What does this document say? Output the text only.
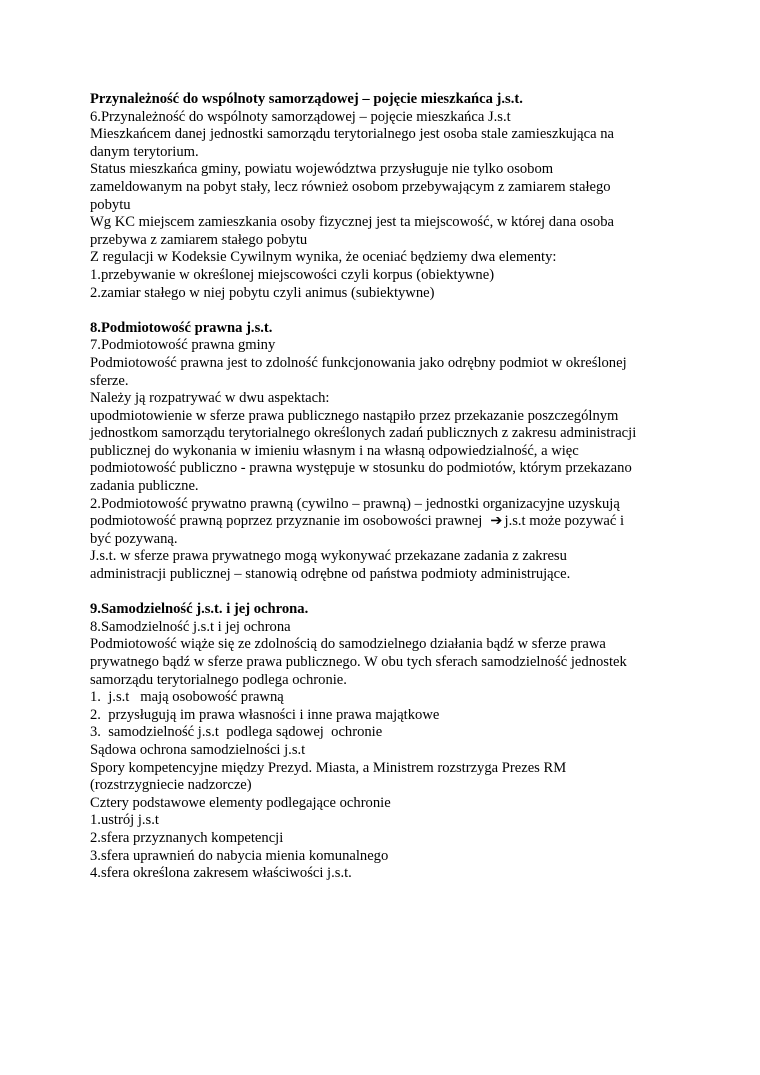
Przynależność do wspólnoty samorządowej – pojęcie mieszkańca j.s.t.

6.Przynależność do wspólnoty samorządowej – pojęcie mieszkańca J.s.t

Mieszkańcem danej jednostki samorządu terytorialnego jest osoba stale zamieszkująca na

danym terytorium.

Status mieszkańca gminy, powiatu województwa przysługuje nie tylko osobom

zameldowanym na pobyt stały, lecz również osobom przebywającym z zamiarem stałego

pobytu

Wg KC miejscem zamieszkania osoby fizycznej jest ta miejscowość, w której dana osoba

przebywa z zamiarem stałego pobytu

Z regulacji w Kodeksie Cywilnym wynika, że oceniać będziemy dwa elementy:

1.przebywanie w określonej miejscowości czyli korpus (obiektywne)

2.zamiar stałego w niej pobytu czyli animus (subiektywne)

8.Podmiotowość prawna j.s.t.

7.Podmiotowość prawna gminy

Podmiotowość prawna jest to zdolność funkcjonowania jako odrębny podmiot w określonej

sferze.

Należy ją rozpatrywać w dwu aspektach:

upodmiotowienie w sferze prawa publicznego nastąpiło przez przekazanie poszczególnym

jednostkom samorządu terytorialnego określonych zadań publicznych z zakresu administracji

publicznej do wykonania w imieniu własnym i na własną odpowiedzialność, a więc

podmiotowość publiczno - prawna występuje w stosunku do podmiotów, którym przekazano

zadania publiczne.

2.Podmiotowość prywatno prawną (cywilno – prawną) – jednostki organizacyjne uzyskują

podmiotowość prawną poprzez przyznanie im osobowości prawnej ➔ j.s.t może pozywać i

być pozywaną.

J.s.t. w sferze prawa prywatnego mogą wykonywać przekazane zadania z zakresu

administracji publicznej – stanowią odrębne od państwa podmioty administrujące.

9.Samodzielność j.s.t. i jej ochrona.

8.Samodzielność j.s.t i jej ochrona

Podmiotowość wiąże się ze zdolnością do samodzielnego działania bądź w sferze prawa

prywatnego bądź w sferze prawa publicznego. W obu tych sferach samodzielność jednostek

samorządu terytorialnego podlega ochronie.

1.  j.s.t   mają osobowość prawną

2.  przysługują im prawa własności i inne prawa majątkowe

3.  samodzielność j.s.t  podlega sądowej  ochronie

Sądowa ochrona samodzielności j.s.t

Spory kompetencyjne między Prezyd. Miasta, a Ministrem rozstrzyga Prezes RM

(rozstrzygniecie nadzorcze)

Cztery podstawowe elementy podlegające ochronie

1.ustrój j.s.t

2.sfera przyznanych kompetencji

3.sfera uprawnień do nabycia mienia komunalnego

4.sfera określona zakresem właściwości j.s.t.
